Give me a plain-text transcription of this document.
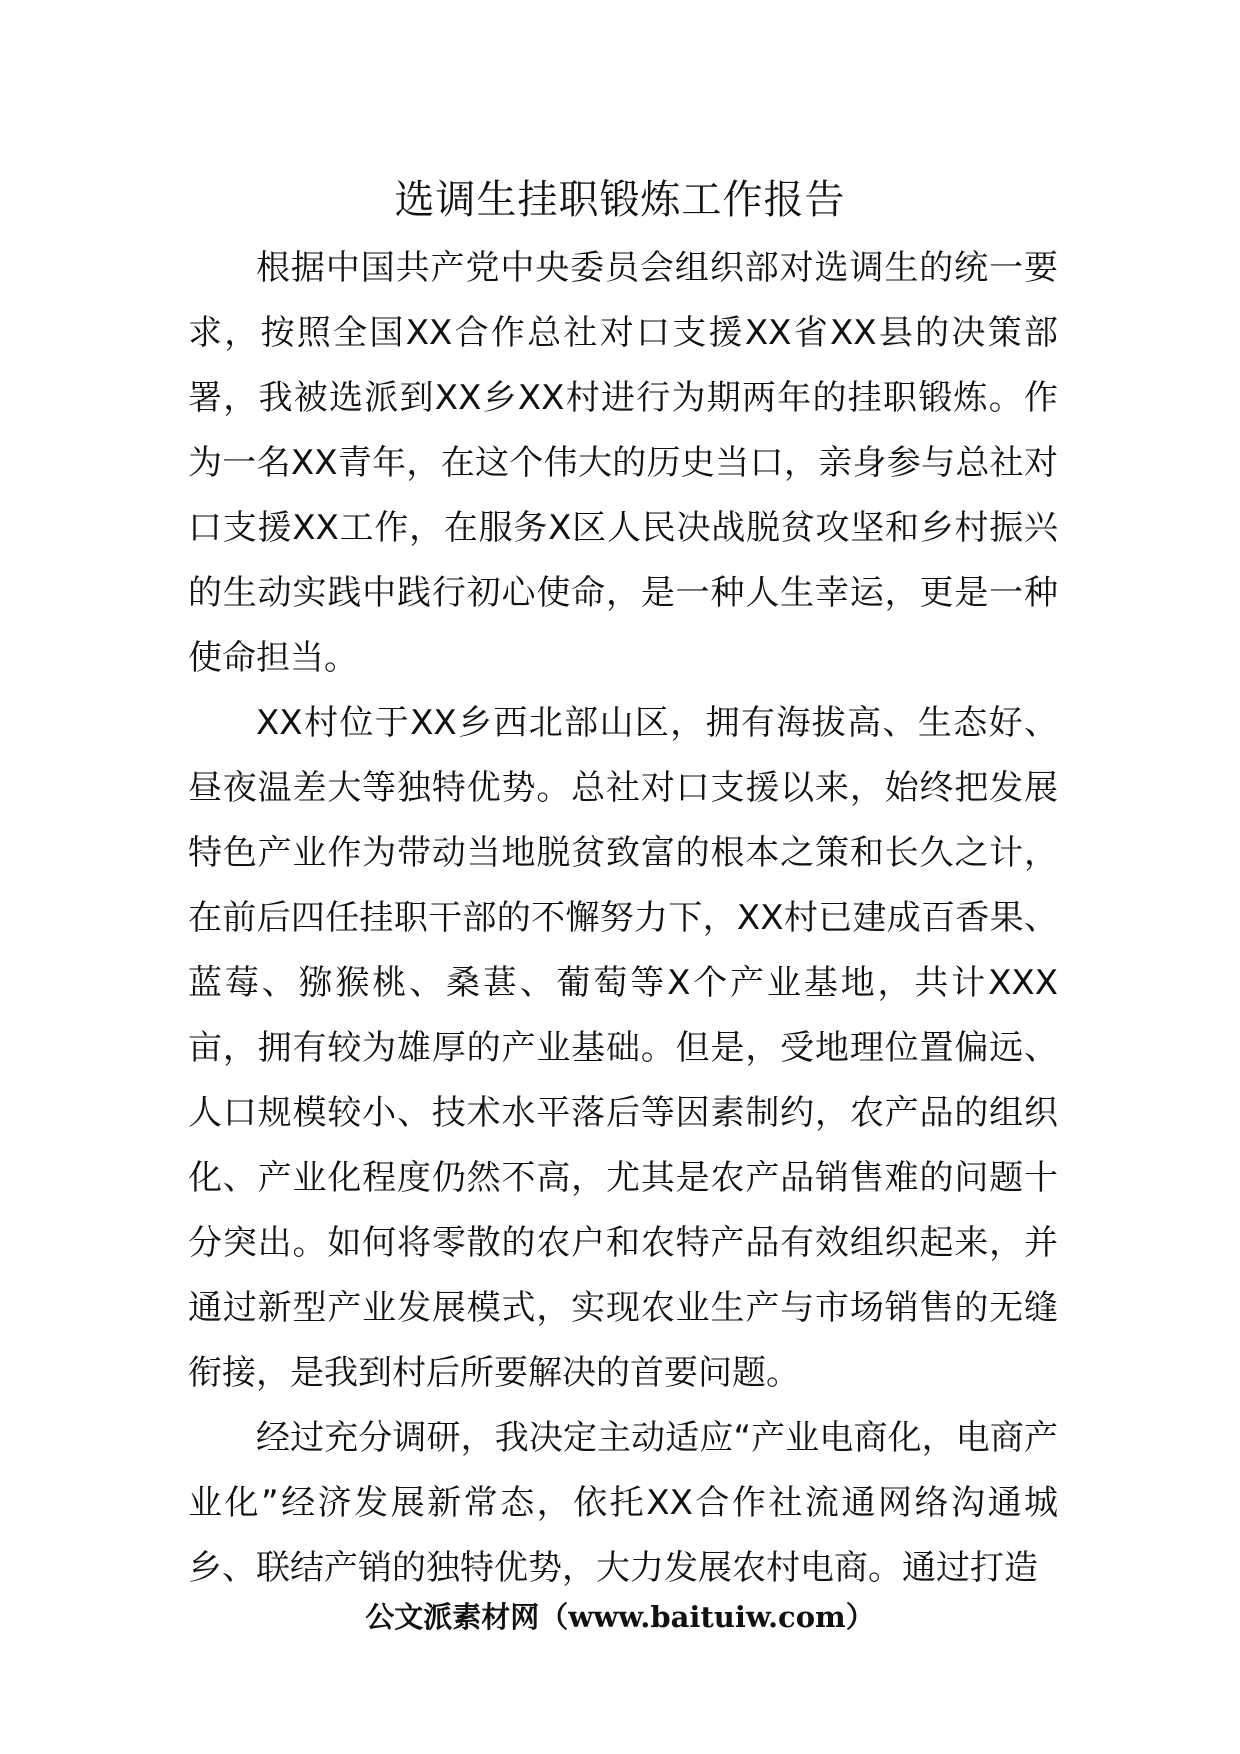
选调生挂职锻炼工作报告

根据中国共产党中央委员会组织部对选调生的统一要求，按照全国XX合作总社对口支援XX省XX县的决策部署，我被选派到XX乡XX村进行为期两年的挂职锻炼。作为一名XX青年，在这个伟大的历史当口，亲身参与总社对口支援XX工作，在服务X区人民决战脱贫攻坚和乡村振兴的生动实践中践行初心使命，是一种人生幸运，更是一种使命担当。

XX村位于XX乡西北部山区，拥有海拔高、生态好、昼夜温差大等独特优势。总社对口支援以来，始终把发展特色产业作为带动当地脱贫致富的根本之策和长久之计，在前后四任挂职干部的不懈努力下，XX村已建成百香果、蓝莓、猕猴桃、桑葚、葡萄等X个产业基地，共计XXX亩，拥有较为雄厚的产业基础。但是，受地理位置偏远、人口规模较小、技术水平落后等因素制约，农产品的组织化、产业化程度仍然不高，尤其是农产品销售难的问题十分突出。如何将零散的农户和农特产品有效组织起来，并通过新型产业发展模式，实现农业生产与市场销售的无缝衔接，是我到村后所要解决的首要问题。

经过充分调研，我决定主动适应“产业电商化，电商产业化”经济发展新常态，依托XX合作社流通网络沟通城乡、联结产销的独特优势，大力发展农村电商。通过打造

公文派素材网（www.baituiw.com）
